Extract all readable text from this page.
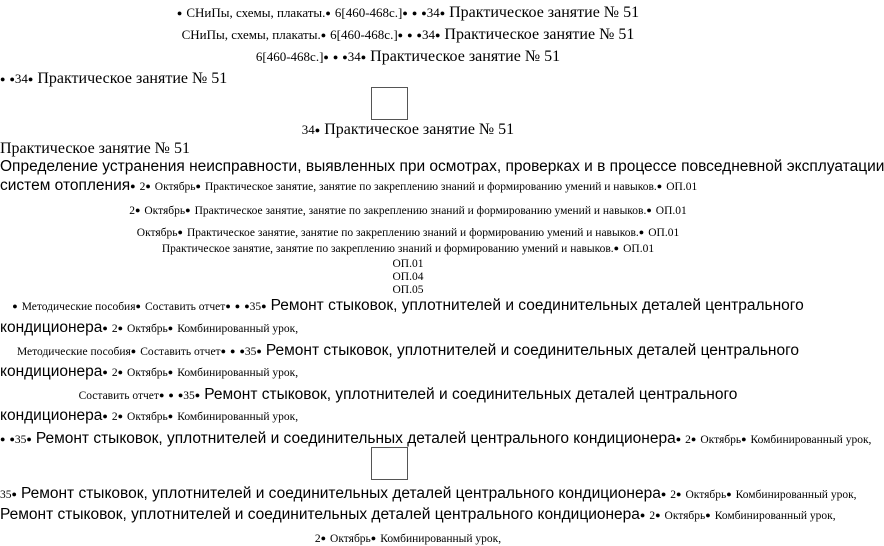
● СНиПы, схемы, плакаты.● 6[460-468с.]● ● ●34● Практическое занятие № 51
СНиПы, схемы, плакаты.● 6[460-468с.]● ● ●34● Практическое занятие № 51
6[460-468с.]● ● ●34● Практическое занятие № 51
● ●34● Практическое занятие № 51
34● Практическое занятие № 51
Практическое занятие № 51
Определение устранения неисправности, выявленных при осмотрах, проверках и в процессе повседневной эксплуатации
систем отопления● 2● Октябрь● Практическое занятие, занятие по закреплению знаний и формированию умений и навыков.● ОП.01
2● Октябрь● Практическое занятие, занятие по закреплению знаний и формированию умений и навыков.● ОП.01
Октябрь● Практическое занятие, занятие по закреплению знаний и формированию умений и навыков.● ОП.01
Практическое занятие, занятие по закреплению знаний и формированию умений и навыков.● ОП.01
ОП.01
ОП.04
ОП.05
● Методические пособия● Составить отчет● ● ●35● Ремонт стыковок, уплотнителей и соединительных деталей центрального
кондиционера● 2● Октябрь● Комбинированный урок,
Методические пособия● Составить отчет● ● ●35● Ремонт стыковок, уплотнителей и соединительных деталей центрального
кондиционера● 2● Октябрь● Комбинированный урок,
Составить отчет● ● ●35● Ремонт стыковок, уплотнителей и соединительных деталей центрального
кондиционера● 2● Октябрь● Комбинированный урок,
● ●35● Ремонт стыковок, уплотнителей и соединительных деталей центрального кондиционера● 2● Октябрь● Комбинированный урок,
35● Ремонт стыковок, уплотнителей и соединительных деталей центрального кондиционера● 2● Октябрь● Комбинированный урок,
Ремонт стыковок, уплотнителей и соединительных деталей центрального кондиционера● 2● Октябрь● Комбинированный урок,
2● Октябрь● Комбинированный урок,
